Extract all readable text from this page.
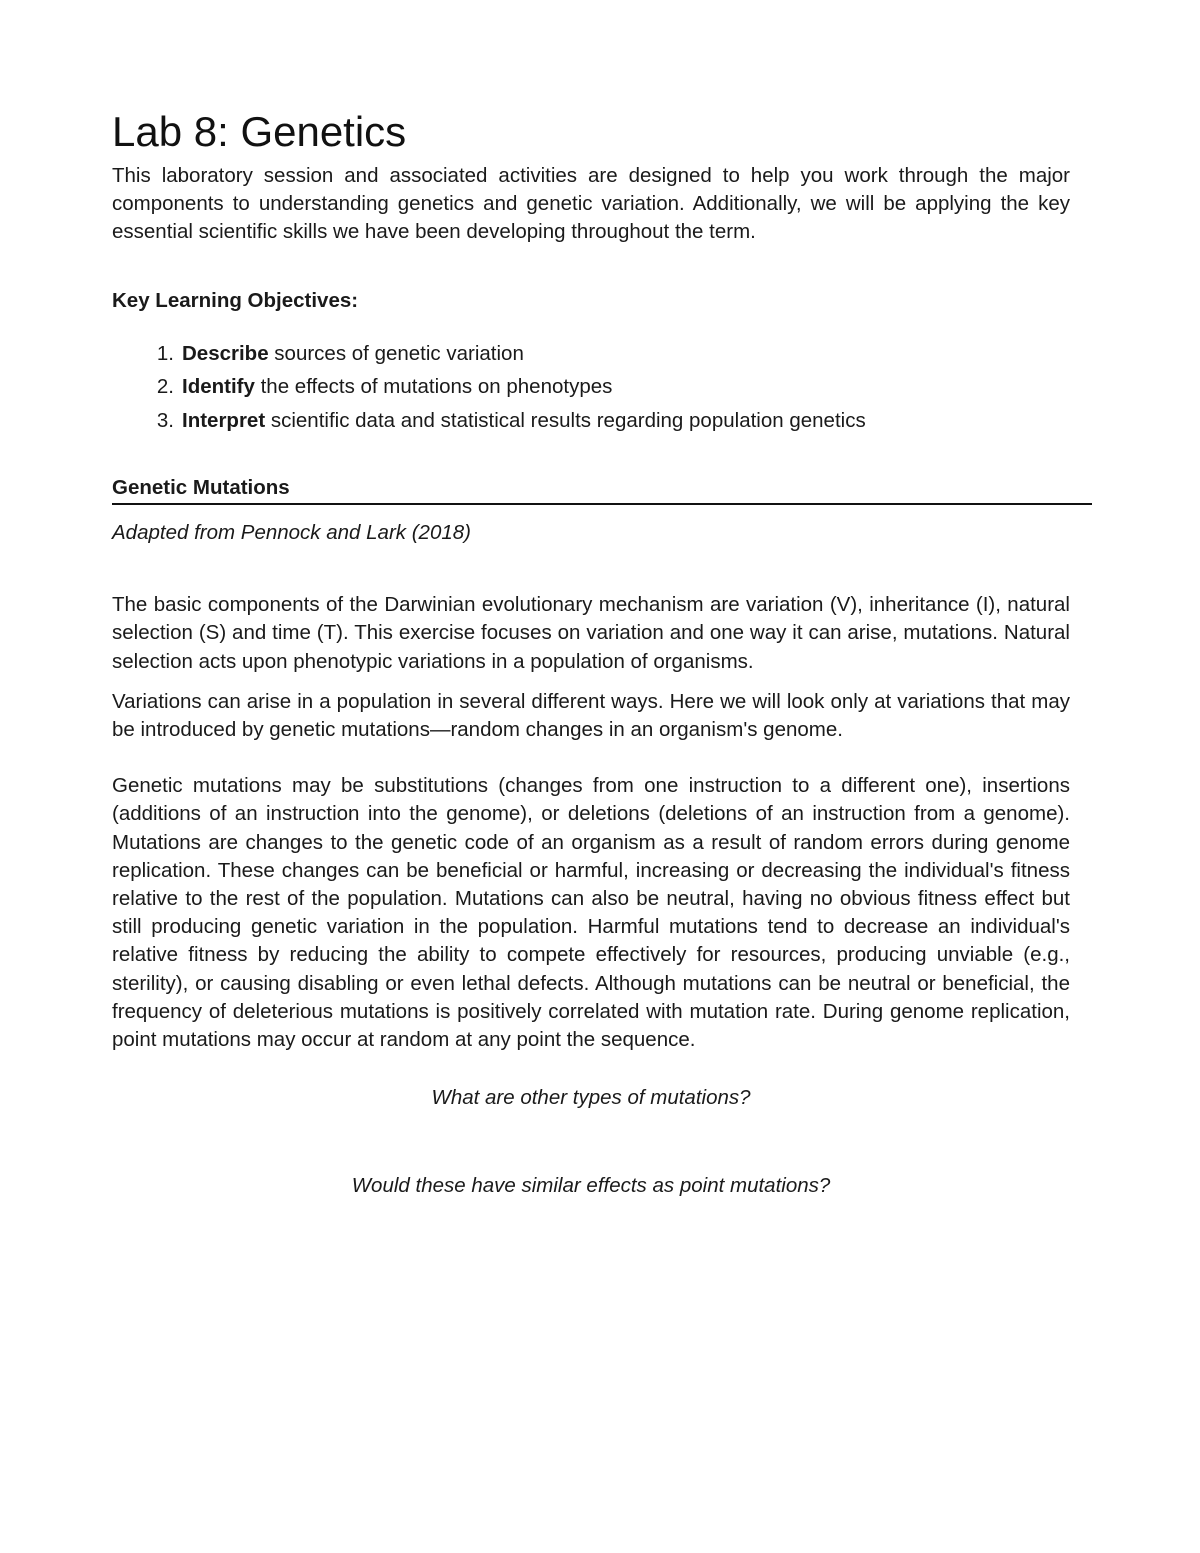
Lab 8: Genetics

This laboratory session and associated activities are designed to help you work through the major components to understanding genetics and genetic variation. Additionally, we will be applying the key essential scientific skills we have been developing throughout the term.

Key Learning Objectives:
1. Describe sources of genetic variation
2. Identify the effects of mutations on phenotypes
3. Interpret scientific data and statistical results regarding population genetics
Genetic Mutations
Adapted from Pennock and Lark (2018)

The basic components of the Darwinian evolutionary mechanism are variation (V), inheritance (I), natural selection (S) and time (T). This exercise focuses on variation and one way it can arise, mutations. Natural selection acts upon phenotypic variations in a population of organisms.

Variations can arise in a population in several different ways. Here we will look only at variations that may be introduced by genetic mutations—random changes in an organism's genome.

Genetic mutations may be substitutions (changes from one instruction to a different one), insertions (additions of an instruction into the genome), or deletions (deletions of an instruction from a genome). Mutations are changes to the genetic code of an organism as a result of random errors during genome replication. These changes can be beneficial or harmful, increasing or decreasing the individual's fitness relative to the rest of the population. Mutations can also be neutral, having no obvious fitness effect but still producing genetic variation in the population. Harmful mutations tend to decrease an individual's relative fitness by reducing the ability to compete effectively for resources, producing unviable (e.g., sterility), or causing disabling or even lethal defects. Although mutations can be neutral or beneficial, the frequency of deleterious mutations is positively correlated with mutation rate. During genome replication, point mutations may occur at random at any point the sequence.

What are other types of mutations?

Would these have similar effects as point mutations?
